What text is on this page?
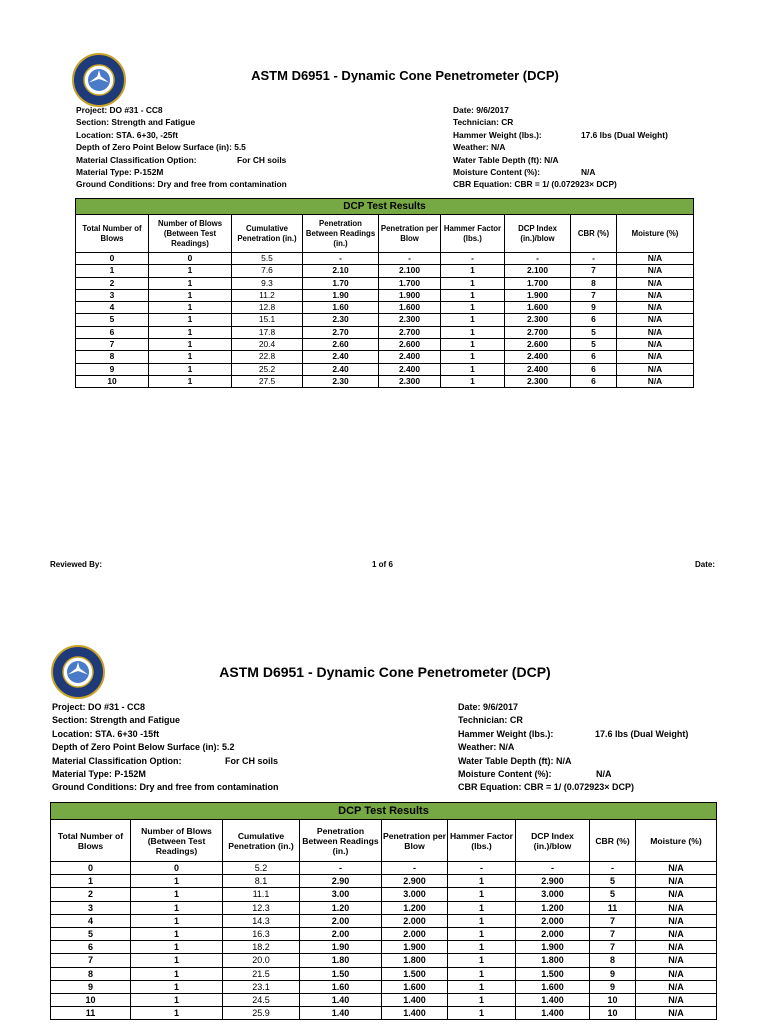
ASTM D6951 - Dynamic Cone Penetrometer (DCP)
Project: DO #31 - CC8
Section: Strength and Fatigue
Location: STA. 6+30, -25ft
Depth of Zero Point Below Surface (in): 5.5
Material Classification Option:
Material Type: P-152M
Ground Conditions: Dry and free from contamination
For CH soils
Date: 9/6/2017
Technician: CR
Hammer Weight (lbs.):
Weather: N/A
Water Table Depth (ft): N/A
Moisture Content (%):
CBR Equation: CBR = 1/ (0.072923× DCP)
17.6 lbs (Dual Weight)
N/A
DCP Test Results								
Total Number of Blows	Number of Blows (Between Test Readings)	Cumulative Penetration (in.)	Penetration Between Readings (in.)	Penetration per Blow	Hammer Factor (lbs.)	DCP Index (in.)/blow	CBR (%)	Moisture (%)
0	0	5.5	-	-	-	-	-	N/A
1	1	7.6	2.10	2.100	1	2.100	7	N/A
2	1	9.3	1.70	1.700	1	1.700	8	N/A
3	1	11.2	1.90	1.900	1	1.900	7	N/A
4	1	12.8	1.60	1.600	1	1.600	9	N/A
5	1	15.1	2.30	2.300	1	2.300	6	N/A
6	1	17.8	2.70	2.700	1	2.700	5	N/A
7	1	20.4	2.60	2.600	1	2.600	5	N/A
8	1	22.8	2.40	2.400	1	2.400	6	N/A
9	1	25.2	2.40	2.400	1	2.400	6	N/A
10	1	27.5	2.30	2.300	1	2.300	6	N/A
Reviewed By:	1 of 6	Date:
ASTM D6951 - Dynamic Cone Penetrometer (DCP)
Project: DO #31 - CC8
Section: Strength and Fatigue
Location: STA. 6+30 -15ft
Depth of Zero Point Below Surface (in): 5.2
Material Classification Option:
Material Type: P-152M
Ground Conditions: Dry and free from contamination
For CH soils
Date: 9/6/2017
Technician: CR
Hammer Weight (lbs.):
Weather: N/A
Water Table Depth (ft): N/A
Moisture Content (%):
CBR Equation: CBR = 1/ (0.072923× DCP)
17.6 lbs (Dual Weight)
N/A
DCP Test Results								
Total Number of Blows	Number of Blows (Between Test Readings)	Cumulative Penetration (in.)	Penetration Between Readings (in.)	Penetration per Blow	Hammer Factor (lbs.)	DCP Index (in.)/blow	CBR (%)	Moisture (%)
0	0	5.2	-	-	-	-	-	N/A
1	1	8.1	2.90	2.900	1	2.900	5	N/A
2	1	11.1	3.00	3.000	1	3.000	5	N/A
3	1	12.3	1.20	1.200	1	1.200	11	N/A
4	1	14.3	2.00	2.000	1	2.000	7	N/A
5	1	16.3	2.00	2.000	1	2.000	7	N/A
6	1	18.2	1.90	1.900	1	1.900	7	N/A
7	1	20.0	1.80	1.800	1	1.800	8	N/A
8	1	21.5	1.50	1.500	1	1.500	9	N/A
9	1	23.1	1.60	1.600	1	1.600	9	N/A
10	1	24.5	1.40	1.400	1	1.400	10	N/A
11	1	25.9	1.40	1.400	1	1.400	10	N/A
